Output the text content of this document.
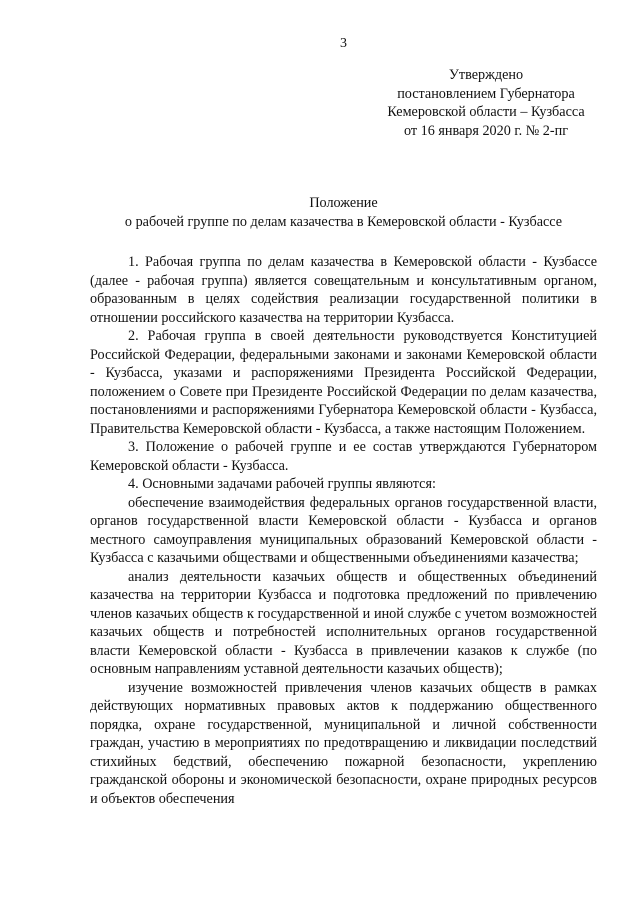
3
Утверждено
постановлением Губернатора
Кемеровской области – Кузбасса
от 16 января 2020 г. № 2-пг
Положение
о рабочей группе по делам казачества в Кемеровской области - Кузбассе

1. Рабочая группа по делам казачества в Кемеровской области - Кузбассе (далее - рабочая группа) является совещательным и консультативным органом, образованным в целях содействия реализации государственной политики в отношении российского казачества на территории Кузбасса.

2. Рабочая группа в своей деятельности руководствуется Конституцией Российской Федерации, федеральными законами и законами Кемеровской области - Кузбасса, указами и распоряжениями Президента Российской Федерации, положением о Совете при Президенте Российской Федерации по делам казачества, постановлениями и распоряжениями Губернатора Кемеровской области - Кузбасса, Правительства Кемеровской области - Кузбасса, а также настоящим Положением.

3. Положение о рабочей группе и ее состав утверждаются Губернатором Кемеровской области - Кузбасса.

4. Основными задачами рабочей группы являются:

обеспечение взаимодействия федеральных органов государственной власти, органов государственной власти Кемеровской области - Кузбасса и органов местного самоуправления муниципальных образований Кемеровской области - Кузбасса с казачьими обществами и общественными объединениями казачества;

анализ деятельности казачьих обществ и общественных объединений казачества на территории Кузбасса и подготовка предложений по привлечению членов казачьих обществ к государственной и иной службе с учетом возможностей казачьих обществ и потребностей исполнительных органов государственной власти Кемеровской области - Кузбасса в привлечении казаков к службе (по основным направлениям уставной деятельности казачьих обществ);

изучение возможностей привлечения членов казачьих обществ в рамках действующих нормативных правовых актов к поддержанию общественного порядка, охране государственной, муниципальной и личной собственности граждан, участию в мероприятиях по предотвращению и ликвидации последствий стихийных бедствий, обеспечению пожарной безопасности, укреплению гражданской обороны и экономической безопасности, охране природных ресурсов и объектов обеспечения
